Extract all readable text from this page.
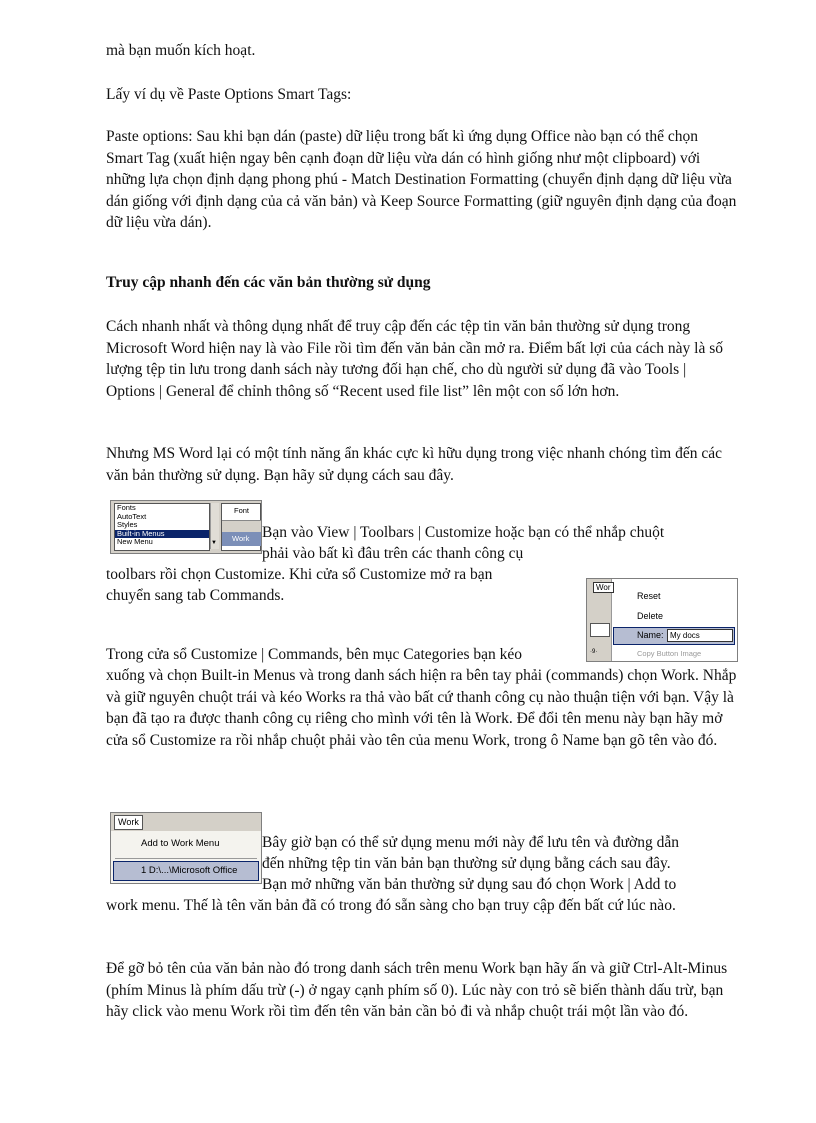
mà bạn muốn kích hoạt.

Lấy ví dụ về Paste Options Smart Tags:

Paste options: Sau khi bạn dán (paste) dữ liệu trong bất kì ứng dụng Office nào bạn có thể chọn Smart Tag (xuất hiện ngay bên cạnh đoạn dữ liệu vừa dán có hình giống như một clipboard) với những lựa chọn định dạng phong phú - Match Destination Formatting (chuyển định dạng dữ liệu vừa dán giống với định dạng của cả văn bản) và Keep Source Formatting (giữ nguyên định dạng của đoạn dữ liệu vừa dán).

Truy cập nhanh đến các văn bản thường sử dụng

Cách nhanh nhất và thông dụng nhất để truy cập đến các tệp tin văn bản thường sử dụng trong Microsoft Word hiện nay là vào File rồi tìm đến văn bản cần mở ra. Điểm bất lợi của cách này là số lượng tệp tin lưu trong danh sách này tương đối hạn chế, cho dù người sử dụng đã vào Tools | Options | General để chỉnh thông số “Recent used file list” lên một con số lớn hơn.

Nhưng MS Word lại có một tính năng ẩn khác cực kì hữu dụng trong việc nhanh chóng tìm đến các văn bản thường sử dụng. Bạn hãy sử dụng cách sau đây.

Fonts
AutoText
Styles
Built-in Menus
New Menu	▼
Font
Work Bạn vào View | Toolbars | Customize hoặc bạn có thể nhắp chuột

phải vào bất kì đâu trên các thanh công cụ

toolbars rồi chọn Customize. Khi cửa sổ Customize mở ra bạn

chuyển sang tab Commands.	Wor
·9·
Reset
Delete
Name: My docs
Copy Button Image

Trong cửa sổ Customize | Commands, bên mục Categories bạn kéo

xuống và chọn Built-in Menus và trong danh sách hiện ra bên tay phải (commands) chọn Work. Nhắp và giữ nguyên chuột trái và kéo Works ra thả vào bất cứ thanh công cụ nào thuận tiện với bạn. Vậy là bạn đã tạo ra được thanh công cụ riêng cho mình với tên là Work. Để đổi tên menu này bạn hãy mở cửa sổ Customize ra rồi nhắp chuột phải vào tên của menu Work, trong ô Name bạn gõ tên vào đó.

Work
Add to Work Menu
1 D:\...\Microsoft Office

Bây giờ bạn có thể sử dụng menu mới này để lưu tên và đường dẫn

đến những tệp tin văn bản bạn thường sử dụng bằng cách sau đây.

Bạn mở những văn bản thường sử dụng sau đó chọn Work | Add to

work menu. Thế là tên văn bản đã có trong đó sẵn sàng cho bạn truy cập đến bất cứ lúc nào.

Để gỡ bỏ tên của văn bản nào đó trong danh sách trên menu Work bạn hãy ấn và giữ Ctrl-Alt-Minus (phím Minus là phím dấu trừ (-) ở ngay cạnh phím số 0). Lúc này con trỏ sẽ biến thành dấu trừ, bạn hãy click vào menu Work rồi tìm đến tên văn bản cần bỏ đi và nhắp chuột trái một lần vào đó.
